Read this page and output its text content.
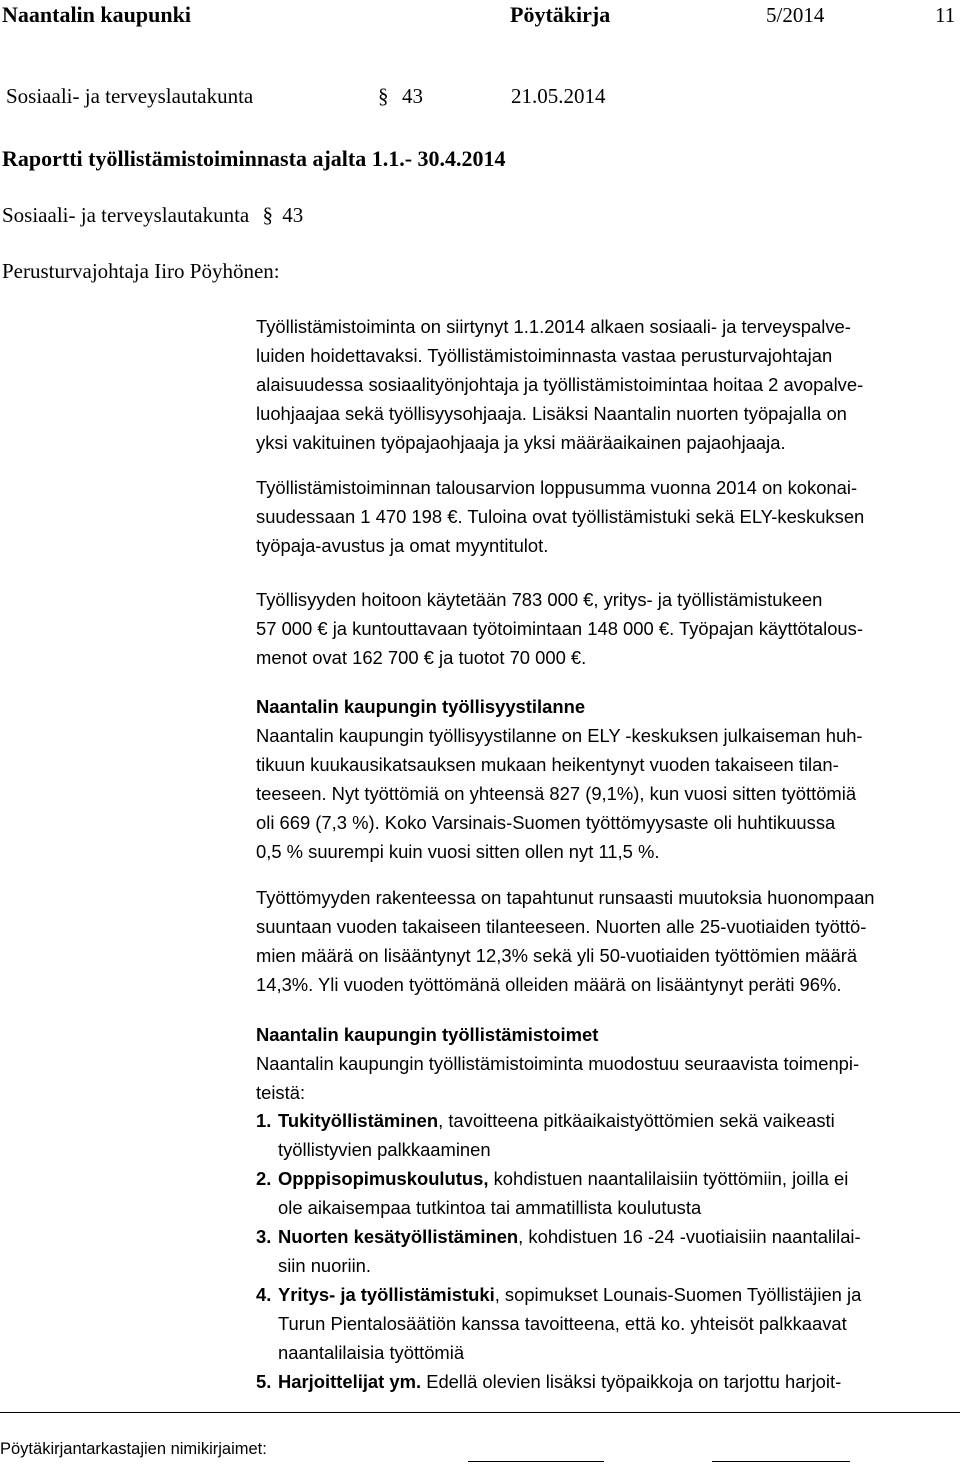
Naantalin kaupunki	Pöytäkirja	5/2014	11
Sosiaali- ja terveyslautakunta	§ 43	21.05.2014
Raportti työllistämistoiminnasta ajalta 1.1.- 30.4.2014
Sosiaali- ja terveyslautakunta § 43
Perusturvajohtaja Iiro Pöyhönen:
Työllistämistoiminta on siirtynyt 1.1.2014 alkaen sosiaali- ja terveyspalve-
luiden hoidettavaksi. Työllistämistoiminnasta vastaa perusturvajohtajan
alaisuudessa sosiaalityönjohtaja ja työllistämistoimintaa hoitaa 2 avopalve-
luohjaajaa sekä työllisyysohjaaja. Lisäksi Naantalin nuorten työpajalla on
yksi vakituinen työpajaohjaaja ja yksi määräaikainen pajaohjaaja.
Työllistämistoiminnan talousarvion loppusumma vuonna 2014 on kokonai-
suudessaan 1 470 198 €. Tuloina ovat työllistämistuki sekä ELY-keskuksen
työpaja-avustus ja omat myyntitulot.
Työllisyyden hoitoon käytetään 783 000 €, yritys- ja työllistämistukeen
57 000 € ja kuntouttavaan työtoimintaan 148 000 €. Työpajan käyttötalous-
menot ovat 162 700 € ja tuotot 70 000 €.
Naantalin kaupungin työllisyystilanne
Naantalin kaupungin työllisyystilanne on ELY -keskuksen julkaiseman huh-
tikuun kuukausikatsauksen mukaan heikentynyt vuoden takaiseen tilan-
teeseen. Nyt työttömiä on yhteensä 827 (9,1%), kun vuosi sitten työttömiä
oli 669 (7,3 %). Koko Varsinais-Suomen työttömyysaste oli huhtikuussa
0,5 % suurempi kuin vuosi sitten ollen nyt 11,5 %.
Työttömyyden rakenteessa on tapahtunut runsaasti muutoksia huonompaan
suuntaan vuoden takaiseen tilanteeseen. Nuorten alle 25-vuotiaiden työttö-
mien määrä on lisääntynyt 12,3% sekä yli 50-vuotiaiden työttömien määrä
14,3%. Yli vuoden työttömänä olleiden määrä on lisääntynyt peräti 96%.
Naantalin kaupungin työllistämistoimet
Naantalin kaupungin työllistämistoiminta muodostuu seuraavista toimenpi-
teistä:
1. Tukityöllistäminen, tavoitteena pitkäaikaistyöttömien sekä vaikeasti
työllistyvien palkkaaminen
2. Opppisopimuskoulutus, kohdistuen naantalilaisiin työttömiin, joilla ei
ole aikaisempaa tutkintoa tai ammatillista koulutusta
3. Nuorten kesätyöllistäminen, kohdistuen 16 -24 -vuotiaisiin naantalilai-
siin nuoriin.
4. Yritys- ja työllistämistuki, sopimukset Lounais-Suomen Työllistäjien ja
Turun Pientalosäätiön kanssa tavoitteena, että ko. yhteisöt palkkaavat
naantalilaisia työttömiä
5. Harjoittelijat ym. Edellä olevien lisäksi työpaikkoja on tarjottu harjoit-
Pöytäkirjantarkastajien nimikirjaimet:
